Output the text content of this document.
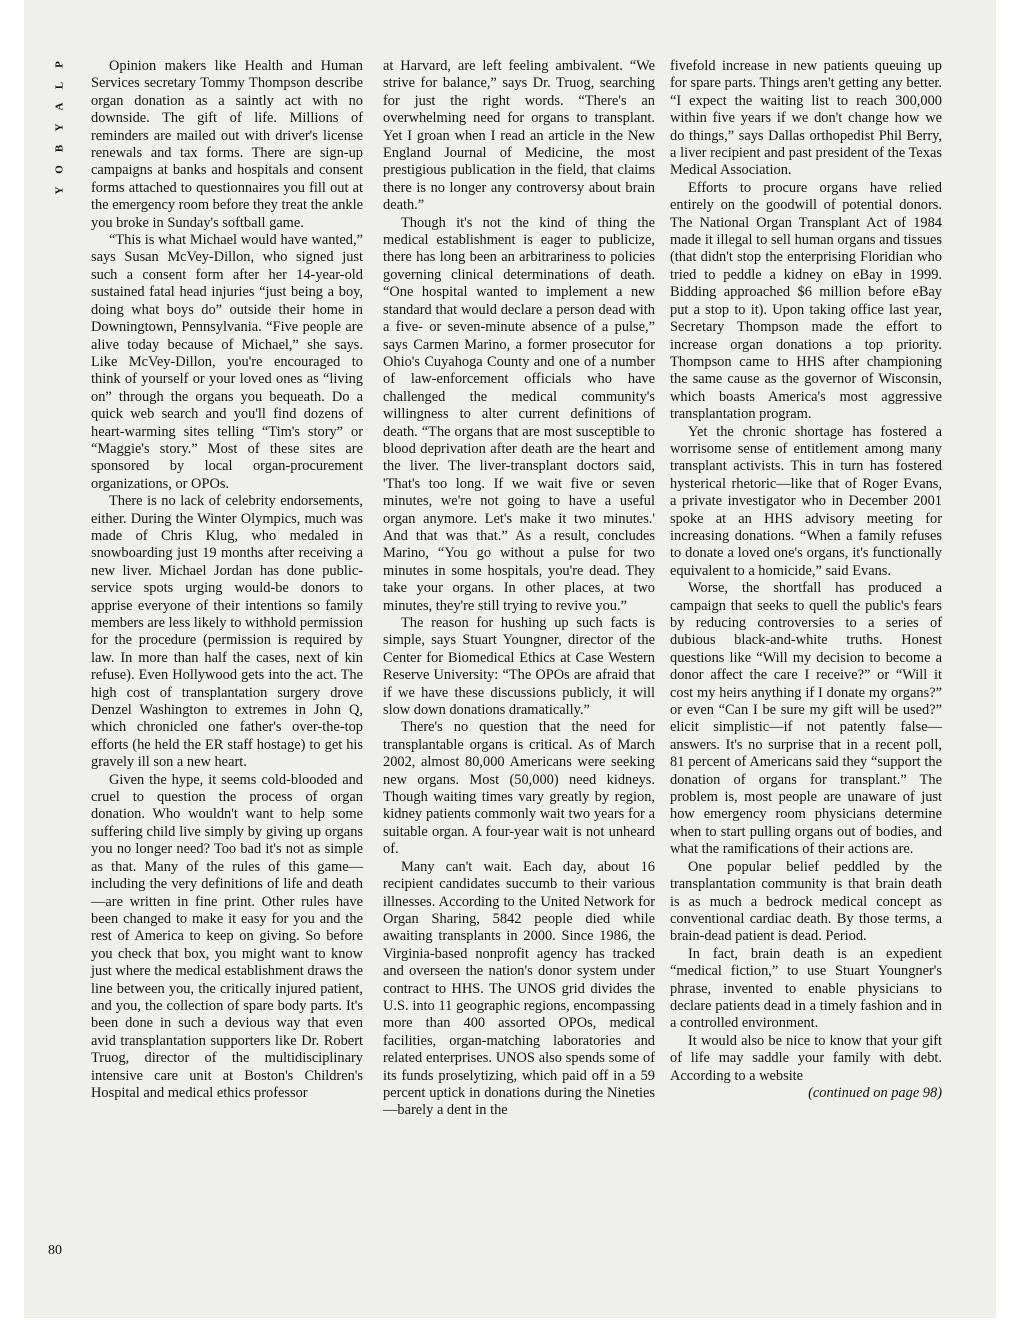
P
L
A
Y
B
O
Y

Opinion makers like Health and Human Services secretary Tommy Thompson describe organ donation as a saintly act with no downside. The gift of life. Millions of reminders are mailed out with driver's license renewals and tax forms. There are sign-up campaigns at banks and hospitals and consent forms attached to questionnaires you fill out at the emergency room before they treat the ankle you broke in Sunday's softball game.

“This is what Michael would have wanted,” says Susan McVey-Dillon, who signed just such a consent form after her 14-year-old sustained fatal head injuries “just being a boy, doing what boys do” outside their home in Downingtown, Pennsylvania. “Five people are alive today because of Michael,” she says. Like McVey-Dillon, you're encouraged to think of yourself or your loved ones as “living on” through the organs you bequeath. Do a quick web search and you'll find dozens of heart-warming sites telling “Tim's story” or “Maggie's story.” Most of these sites are sponsored by local organ-procurement organizations, or OPOs.

There is no lack of celebrity endorsements, either. During the Winter Olympics, much was made of Chris Klug, who medaled in snowboarding just 19 months after receiving a new liver. Michael Jordan has done public-service spots urging would-be donors to apprise everyone of their intentions so family members are less likely to withhold permission for the procedure (permission is required by law. In more than half the cases, next of kin refuse). Even Hollywood gets into the act. The high cost of transplantation surgery drove Denzel Washington to extremes in John Q, which chronicled one father's over-the-top efforts (he held the ER staff hostage) to get his gravely ill son a new heart.

Given the hype, it seems cold-blooded and cruel to question the process of organ donation. Who wouldn't want to help some suffering child live simply by giving up organs you no longer need? Too bad it's not as simple as that. Many of the rules of this game—including the very definitions of life and death—are written in fine print. Other rules have been changed to make it easy for you and the rest of America to keep on giving. So before you check that box, you might want to know just where the medical establishment draws the line between you, the critically injured patient, and you, the collection of spare body parts. It's been done in such a devious way that even avid transplantation supporters like Dr. Robert Truog, director of the multidisciplinary intensive care unit at Boston's Children's Hospital and medical ethics professor

at Harvard, are left feeling ambivalent. “We strive for balance,” says Dr. Truog, searching for just the right words. “There's an overwhelming need for organs to transplant. Yet I groan when I read an article in the New England Journal of Medicine, the most prestigious publication in the field, that claims there is no longer any controversy about brain death.”

Though it's not the kind of thing the medical establishment is eager to publicize, there has long been an arbitrariness to policies governing clinical determinations of death. “One hospital wanted to implement a new standard that would declare a person dead with a five- or seven-minute absence of a pulse,” says Carmen Marino, a former prosecutor for Ohio's Cuyahoga County and one of a number of law-enforcement officials who have challenged the medical community's willingness to alter current definitions of death. “The organs that are most susceptible to blood deprivation after death are the heart and the liver. The liver-transplant doctors said, 'That's too long. If we wait five or seven minutes, we're not going to have a useful organ anymore. Let's make it two minutes.' And that was that.” As a result, concludes Marino, “You go without a pulse for two minutes in some hospitals, you're dead. They take your organs. In other places, at two minutes, they're still trying to revive you.”

The reason for hushing up such facts is simple, says Stuart Youngner, director of the Center for Biomedical Ethics at Case Western Reserve University: “The OPOs are afraid that if we have these discussions publicly, it will slow down donations dramatically.”

There's no question that the need for transplantable organs is critical. As of March 2002, almost 80,000 Americans were seeking new organs. Most (50,000) need kidneys. Though waiting times vary greatly by region, kidney patients commonly wait two years for a suitable organ. A four-year wait is not unheard of.

Many can't wait. Each day, about 16 recipient candidates succumb to their various illnesses. According to the United Network for Organ Sharing, 5842 people died while awaiting transplants in 2000. Since 1986, the Virginia-based nonprofit agency has tracked and overseen the nation's donor system under contract to HHS. The UNOS grid divides the U.S. into 11 geographic regions, encompassing more than 400 assorted OPOs, medical facilities, organ-matching laboratories and related enterprises. UNOS also spends some of its funds proselytizing, which paid off in a 59 percent uptick in donations during the Nineties—barely a dent in the

fivefold increase in new patients queuing up for spare parts. Things aren't getting any better. “I expect the waiting list to reach 300,000 within five years if we don't change how we do things,” says Dallas orthopedist Phil Berry, a liver recipient and past president of the Texas Medical Association.

Efforts to procure organs have relied entirely on the goodwill of potential donors. The National Organ Transplant Act of 1984 made it illegal to sell human organs and tissues (that didn't stop the enterprising Floridian who tried to peddle a kidney on eBay in 1999. Bidding approached $6 million before eBay put a stop to it). Upon taking office last year, Secretary Thompson made the effort to increase organ donations a top priority. Thompson came to HHS after championing the same cause as the governor of Wisconsin, which boasts America's most aggressive transplantation program.

Yet the chronic shortage has fostered a worrisome sense of entitlement among many transplant activists. This in turn has fostered hysterical rhetoric—like that of Roger Evans, a private investigator who in December 2001 spoke at an HHS advisory meeting for increasing donations. “When a family refuses to donate a loved one's organs, it's functionally equivalent to a homicide,” said Evans.

Worse, the shortfall has produced a campaign that seeks to quell the public's fears by reducing controversies to a series of dubious black-and-white truths. Honest questions like “Will my decision to become a donor affect the care I receive?” or “Will it cost my heirs anything if I donate my organs?” or even “Can I be sure my gift will be used?” elicit simplistic—if not patently false—answers. It's no surprise that in a recent poll, 81 percent of Americans said they “support the donation of organs for transplant.” The problem is, most people are unaware of just how emergency room physicians determine when to start pulling organs out of bodies, and what the ramifications of their actions are.

One popular belief peddled by the transplantation community is that brain death is as much a bedrock medical concept as conventional cardiac death. By those terms, a brain-dead patient is dead. Period.

In fact, brain death is an expedient “medical fiction,” to use Stuart Youngner's phrase, invented to enable physicians to declare patients dead in a timely fashion and in a controlled environment.

It would also be nice to know that your gift of life may saddle your family with debt. According to a website

(continued on page 98)

80
